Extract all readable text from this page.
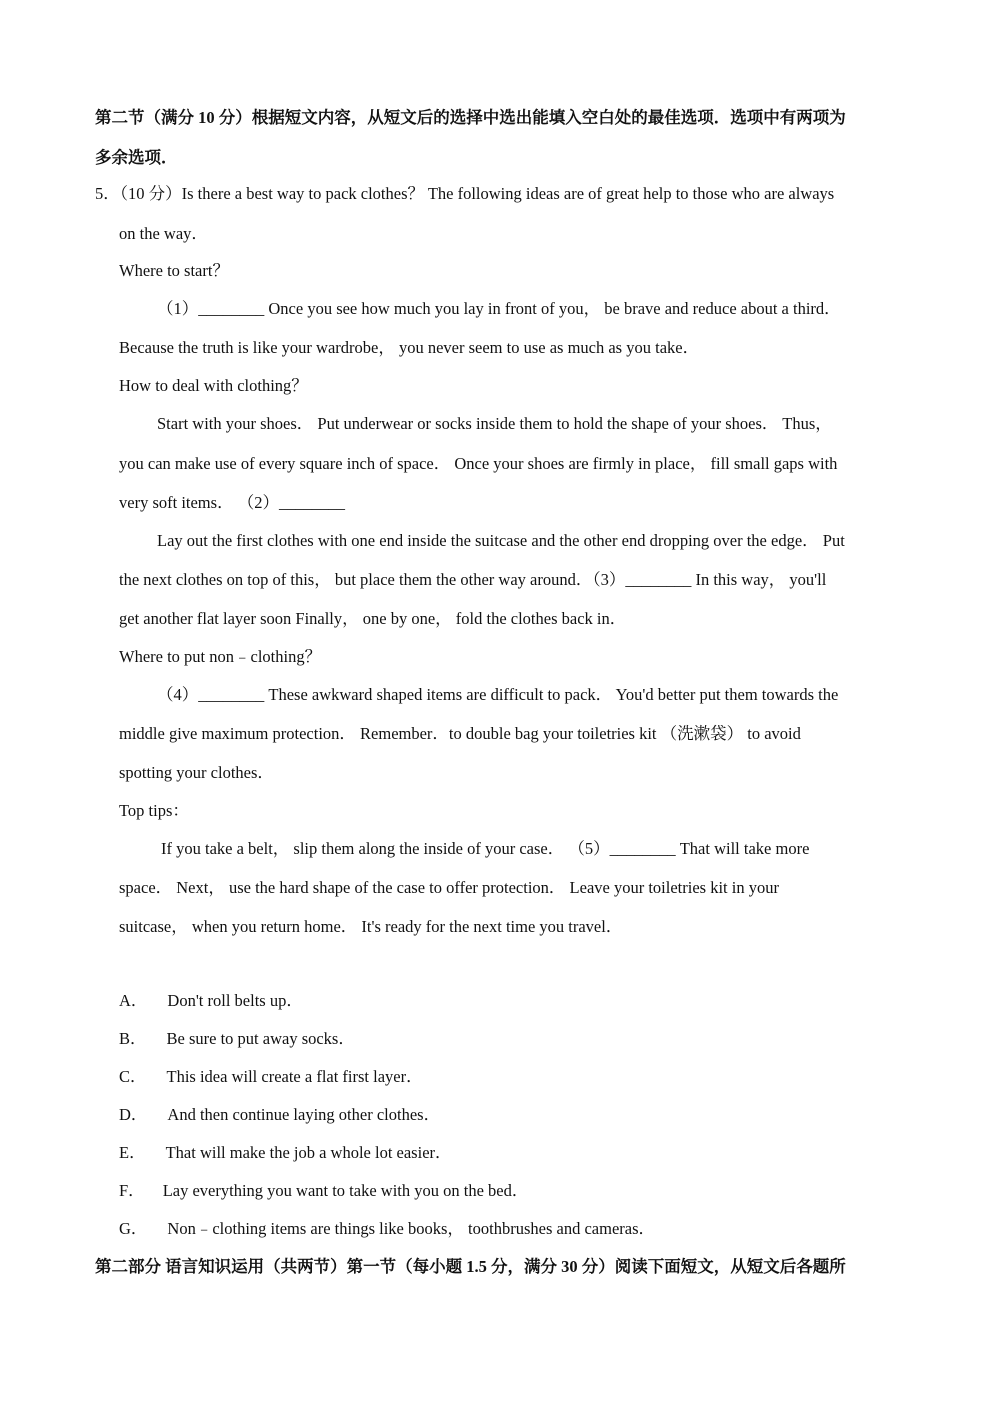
第二节（满分 10 分）根据短文内容，从短文后的选择中选出能填入空白处的最佳选项．选项中有两项为
多余选项．
5．（10 分）Is there a best way to pack clothes？ The following ideas are of great help to those who are always
on the way．
Where to start？
（1）________ Once you see how much you lay in front of you， be brave and reduce about a third．
Because the truth is like your wardrobe， you never seem to use as much as you take．
How to deal with clothing？
Start with your shoes． Put underwear or socks inside them to hold the shape of your shoes． Thus，
you can make use of every square inch of space． Once your shoes are firmly in place， fill small gaps with
very soft items． （2）________
Lay out the first clothes with one end inside the suitcase and the other end dropping over the edge． Put
the next clothes on top of this， but place them the other way around．（3）________ In this way， you'll
get another flat layer soon Finally， one by one， fold the clothes back in．
Where to put non﹣clothing？
（4）________ These awkward shaped items are difficult to pack． You'd better put them towards the
middle give maximum protection． Remember．to double bag your toiletries kit （洗漱袋） to avoid
spotting your clothes．
Top tips：
If you take a belt， slip them along the inside of your case． （5）________ That will take more
space． Next， use the hard shape of the case to offer protection． Leave your toiletries kit in your
suitcase， when you return home． It's ready for the next time you travel．
A． Don't roll belts up．
B． Be sure to put away socks．
C． This idea will create a flat first layer．
D． And then continue laying other clothes．
E． That will make the job a whole lot easier．
F． Lay everything you want to take with you on the bed．
G． Non﹣clothing items are things like books， toothbrushes and cameras．
第二部分 语言知识运用（共两节）第一节（每小题 1.5 分，满分 30 分）阅读下面短文，从短文后各题所
